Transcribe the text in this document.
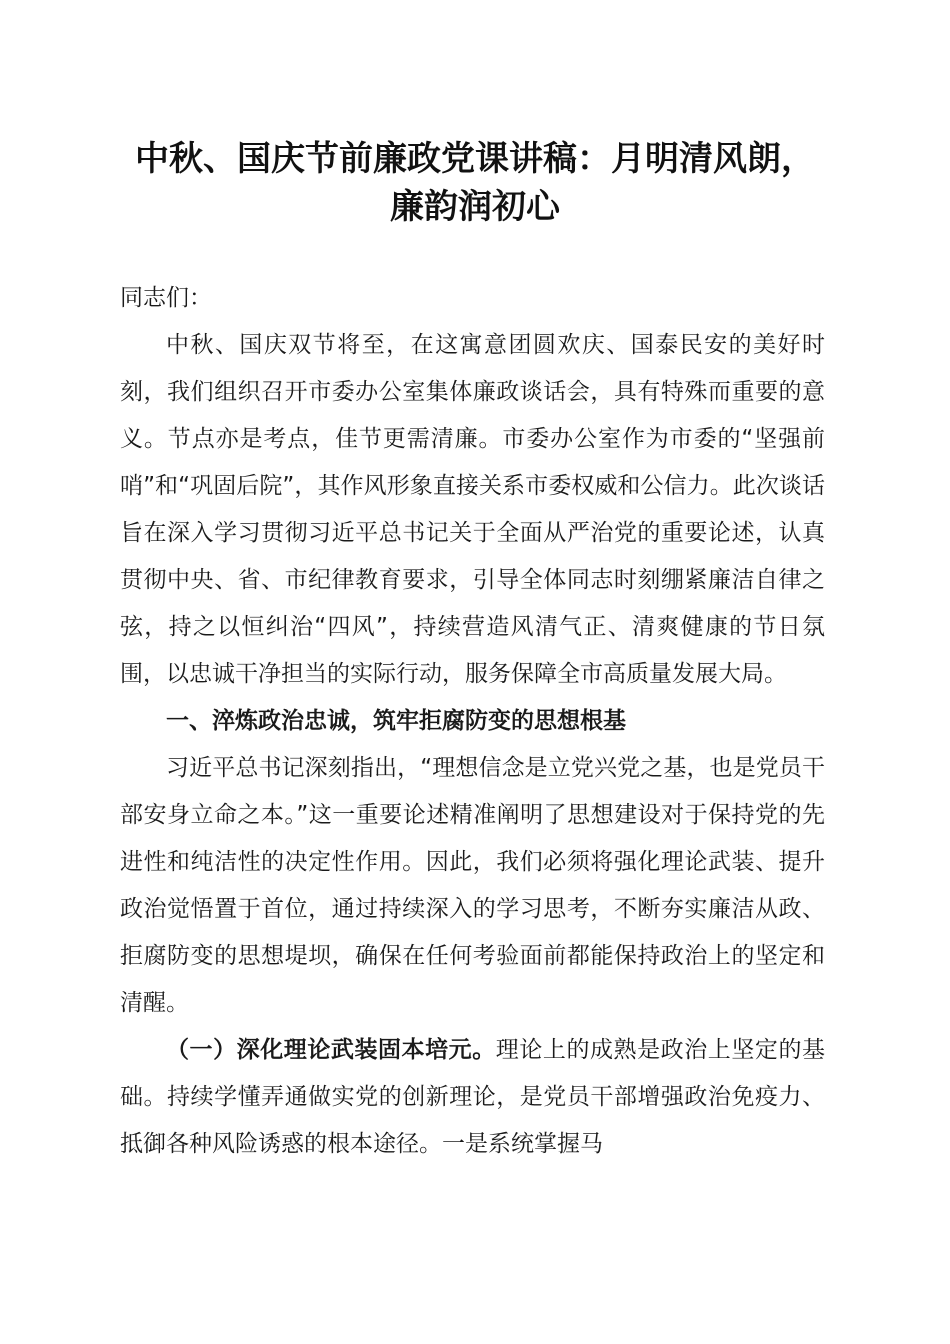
中秋、国庆节前廉政党课讲稿：月明清风朗，
廉韵润初心

同志们：

中秋、国庆双节将至，在这寓意团圆欢庆、国泰民安的美好时刻，我们组织召开市委办公室集体廉政谈话会，具有特殊而重要的意义。节点亦是考点，佳节更需清廉。市委办公室作为市委的“坚强前哨”和“巩固后院”，其作风形象直接关系市委权威和公信力。此次谈话旨在深入学习贯彻习近平总书记关于全面从严治党的重要论述，认真贯彻中央、省、市纪律教育要求，引导全体同志时刻绷紧廉洁自律之弦，持之以恒纠治“四风”，持续营造风清气正、清爽健康的节日氛围，以忠诚干净担当的实际行动，服务保障全市高质量发展大局。

一、淬炼政治忠诚，筑牢拒腐防变的思想根基

习近平总书记深刻指出，“理想信念是立党兴党之基，也是党员干部安身立命之本。”这一重要论述精准阐明了思想建设对于保持党的先进性和纯洁性的决定性作用。因此，我们必须将强化理论武装、提升政治觉悟置于首位，通过持续深入的学习思考，不断夯实廉洁从政、拒腐防变的思想堤坝，确保在任何考验面前都能保持政治上的坚定和清醒。

（一）深化理论武装固本培元。理论上的成熟是政治上坚定的基础。持续学懂弄通做实党的创新理论，是党员干部增强政治免疫力、抵御各种风险诱惑的根本途径。一是系统掌握马
